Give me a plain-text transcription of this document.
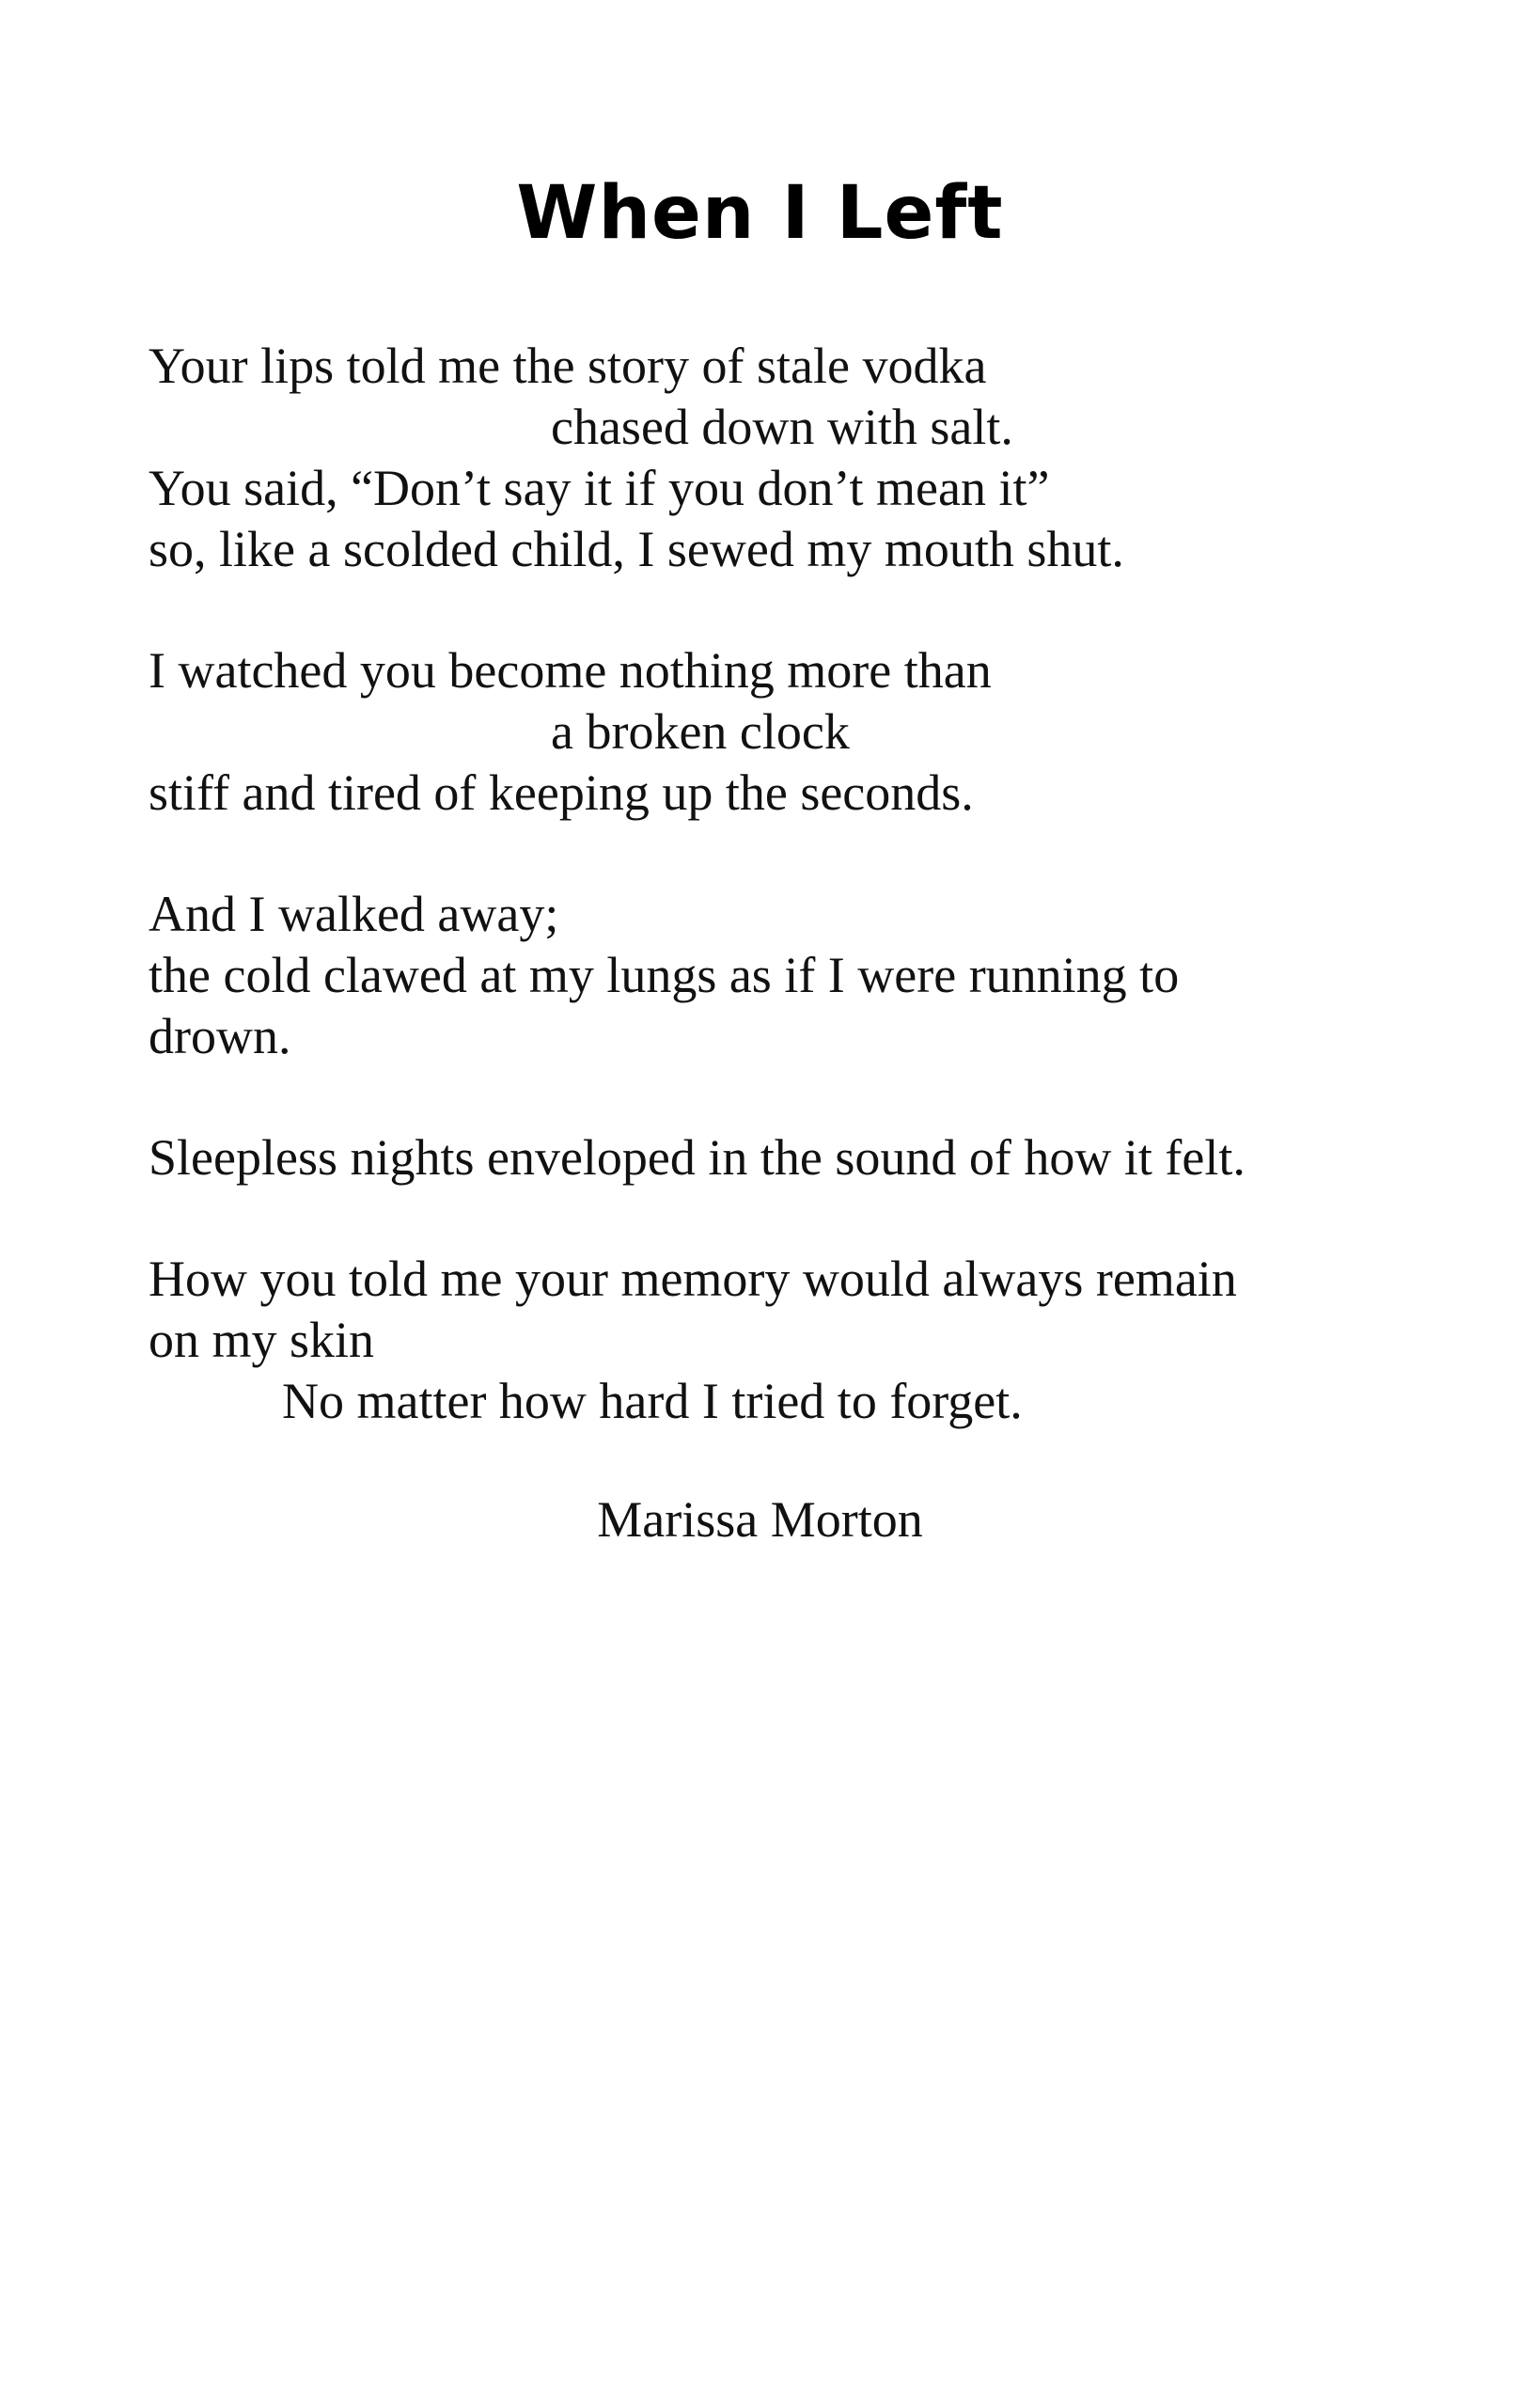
When I Left
Your lips told me the story of stale vodka
chased down with salt.
You said, “Don’t say it if you don’t mean it”
so, like a scolded child, I sewed my mouth shut.
I watched you become nothing more than
a broken clock
stiff and tired of keeping up the seconds.
And I walked away;
the cold clawed at my lungs as if I were running to
drown.
Sleepless nights enveloped in the sound of how it felt.
How you told me your memory would always remain
on my skin
No matter how hard I tried to forget.
Marissa Morton
